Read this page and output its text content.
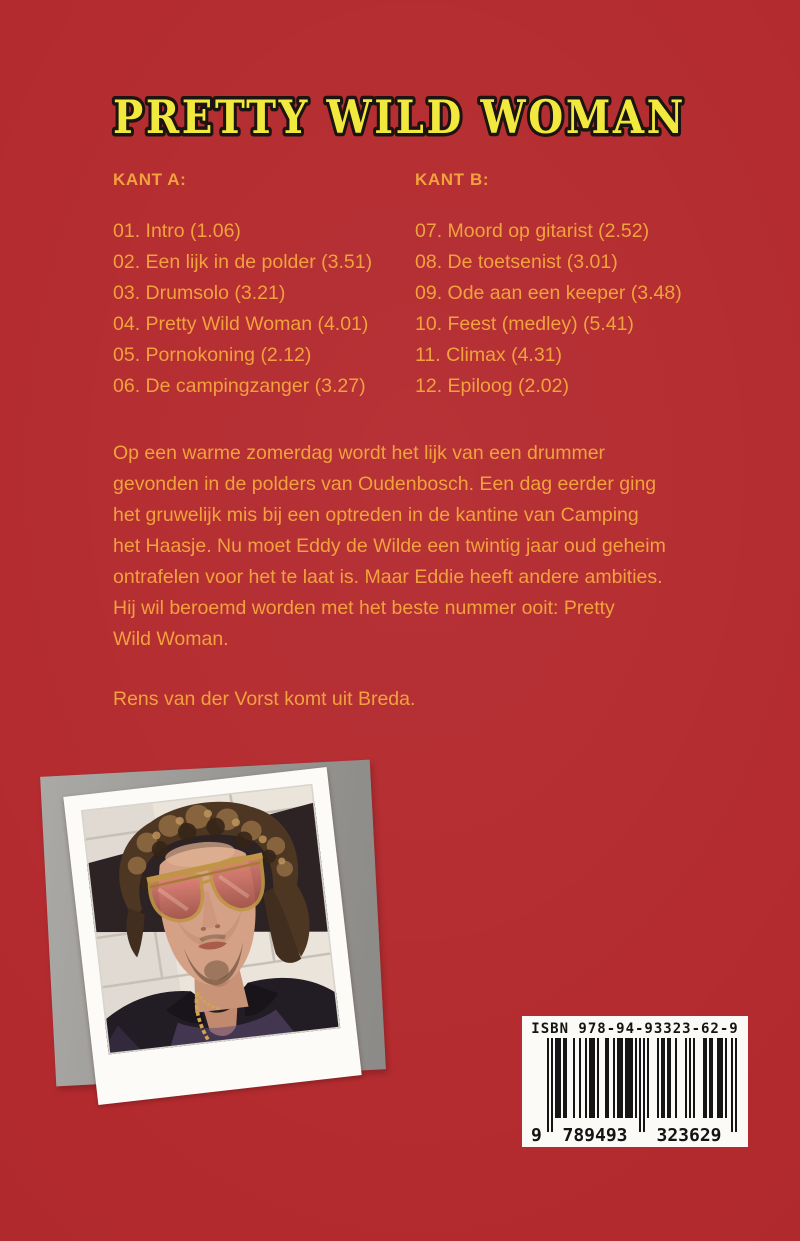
PRETTY WILD WOMAN
KANT A:
01. Intro (1.06)
02. Een lijk in de polder (3.51)
03. Drumsolo (3.21)
04. Pretty Wild Woman (4.01)
05. Pornokoning (2.12)
06. De campingzanger (3.27)
KANT B:
07. Moord op gitarist (2.52)
08. De toetsenist (3.01)
09. Ode aan een keeper (3.48)
10. Feest (medley) (5.41)
11. Climax (4.31)
12. Epiloog (2.02)
Op een warme zomerdag wordt het lijk van een drummer
gevonden in de polders van Oudenbosch. Een dag eerder ging
het gruwelijk mis bij een optreden in de kantine van Camping
het Haasje. Nu moet Eddy de Wilde een twintig jaar oud geheim
ontrafelen voor het te laat is. Maar Eddie heeft andere ambities.
Hij wil beroemd worden met het beste nummer ooit: Pretty
Wild Woman.
Rens van der Vorst komt uit Breda.
ISBN 978-94-93323-62-9
9 789493 323629
